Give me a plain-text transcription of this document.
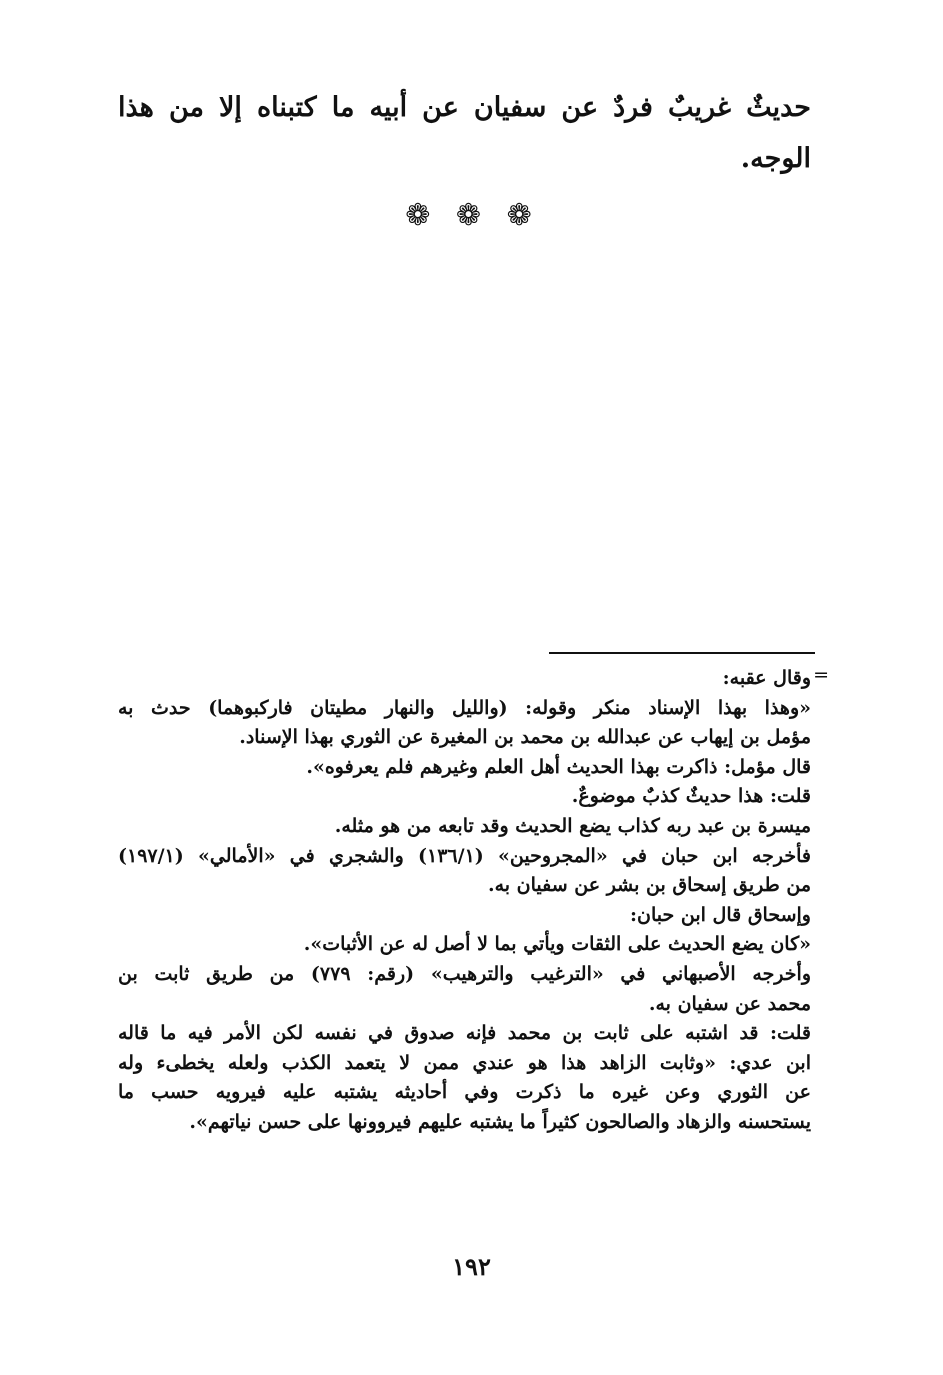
حديثٌ غريبٌ فردٌ عن سفيان عن أبيه ما كتبناه إلا من هذا الوجه.
❁ ❁ ❁
=
وقال عقبه:
«وهذا بهذا الإسناد منكر وقوله: (والليل والنهار مطيتان فاركبوهما) حدث به
مؤمل بن إيهاب عن عبدالله بن محمد بن المغيرة عن الثوري بهذا الإسناد.
قال مؤمل: ذاكرت بهذا الحديث أهل العلم وغيرهم فلم يعرفوه».
قلت: هذا حديثٌ كذبٌ موضوعٌ.
ميسرة بن عبد ربه كذاب يضع الحديث وقد تابعه من هو مثله.
فأخرجه ابن حبان في «المجروحين» (١٣٦/١) والشجري في «الأمالي» (١٩٧/١)
من طريق إسحاق بن بشر عن سفيان به.
وإسحاق قال ابن حبان:
«كان يضع الحديث على الثقات ويأتي بما لا أصل له عن الأثبات».
وأخرجه الأصبهاني في «الترغيب والترهيب» (رقم: ٧٧٩) من طريق ثابت بن
محمد عن سفيان به.
قلت: قد اشتبه على ثابت بن محمد فإنه صدوق في نفسه لكن الأمر فيه ما قاله
ابن عدي: «وثابت الزاهد هذا هو عندي ممن لا يتعمد الكذب ولعله يخطىء وله
عن الثوري وعن غيره ما ذكرت وفي أحاديثه يشتبه عليه فيرويه حسب ما
يستحسنه والزهاد والصالحون كثيراً ما يشتبه عليهم فيروونها على حسن نياتهم».
١٩٢
